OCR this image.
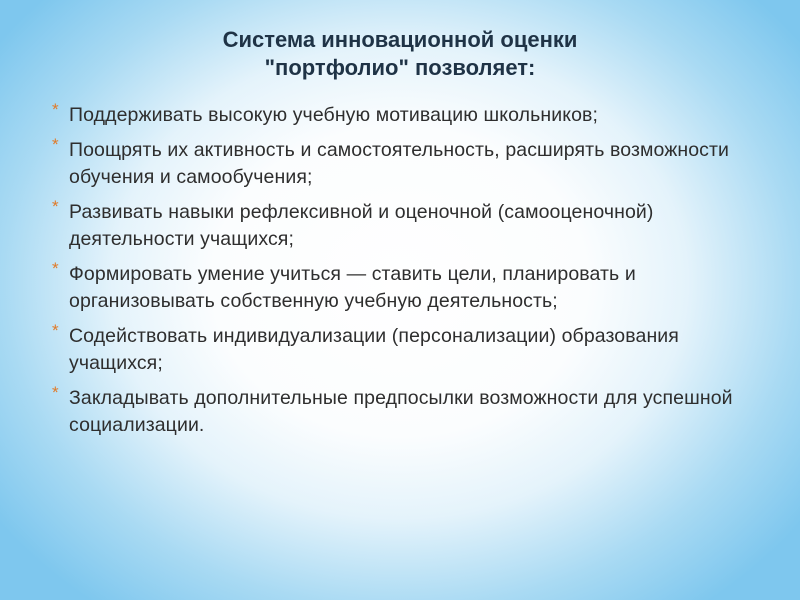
Система инновационной оценки
"портфолио" позволяет:
* Поддерживать высокую учебную мотивацию школьников;
* Поощрять их активность и самостоятельность, расширять возможности обучения и самообучения;
* Развивать навыки рефлексивной и оценочной (самооценочной) деятельности учащихся;
* Формировать умение учиться — ставить цели, планировать и организовывать собственную учебную деятельность;
* Содействовать индивидуализации (персонализации) образования учащихся;
* Закладывать дополнительные предпосылки возможности для успешной социализации.
